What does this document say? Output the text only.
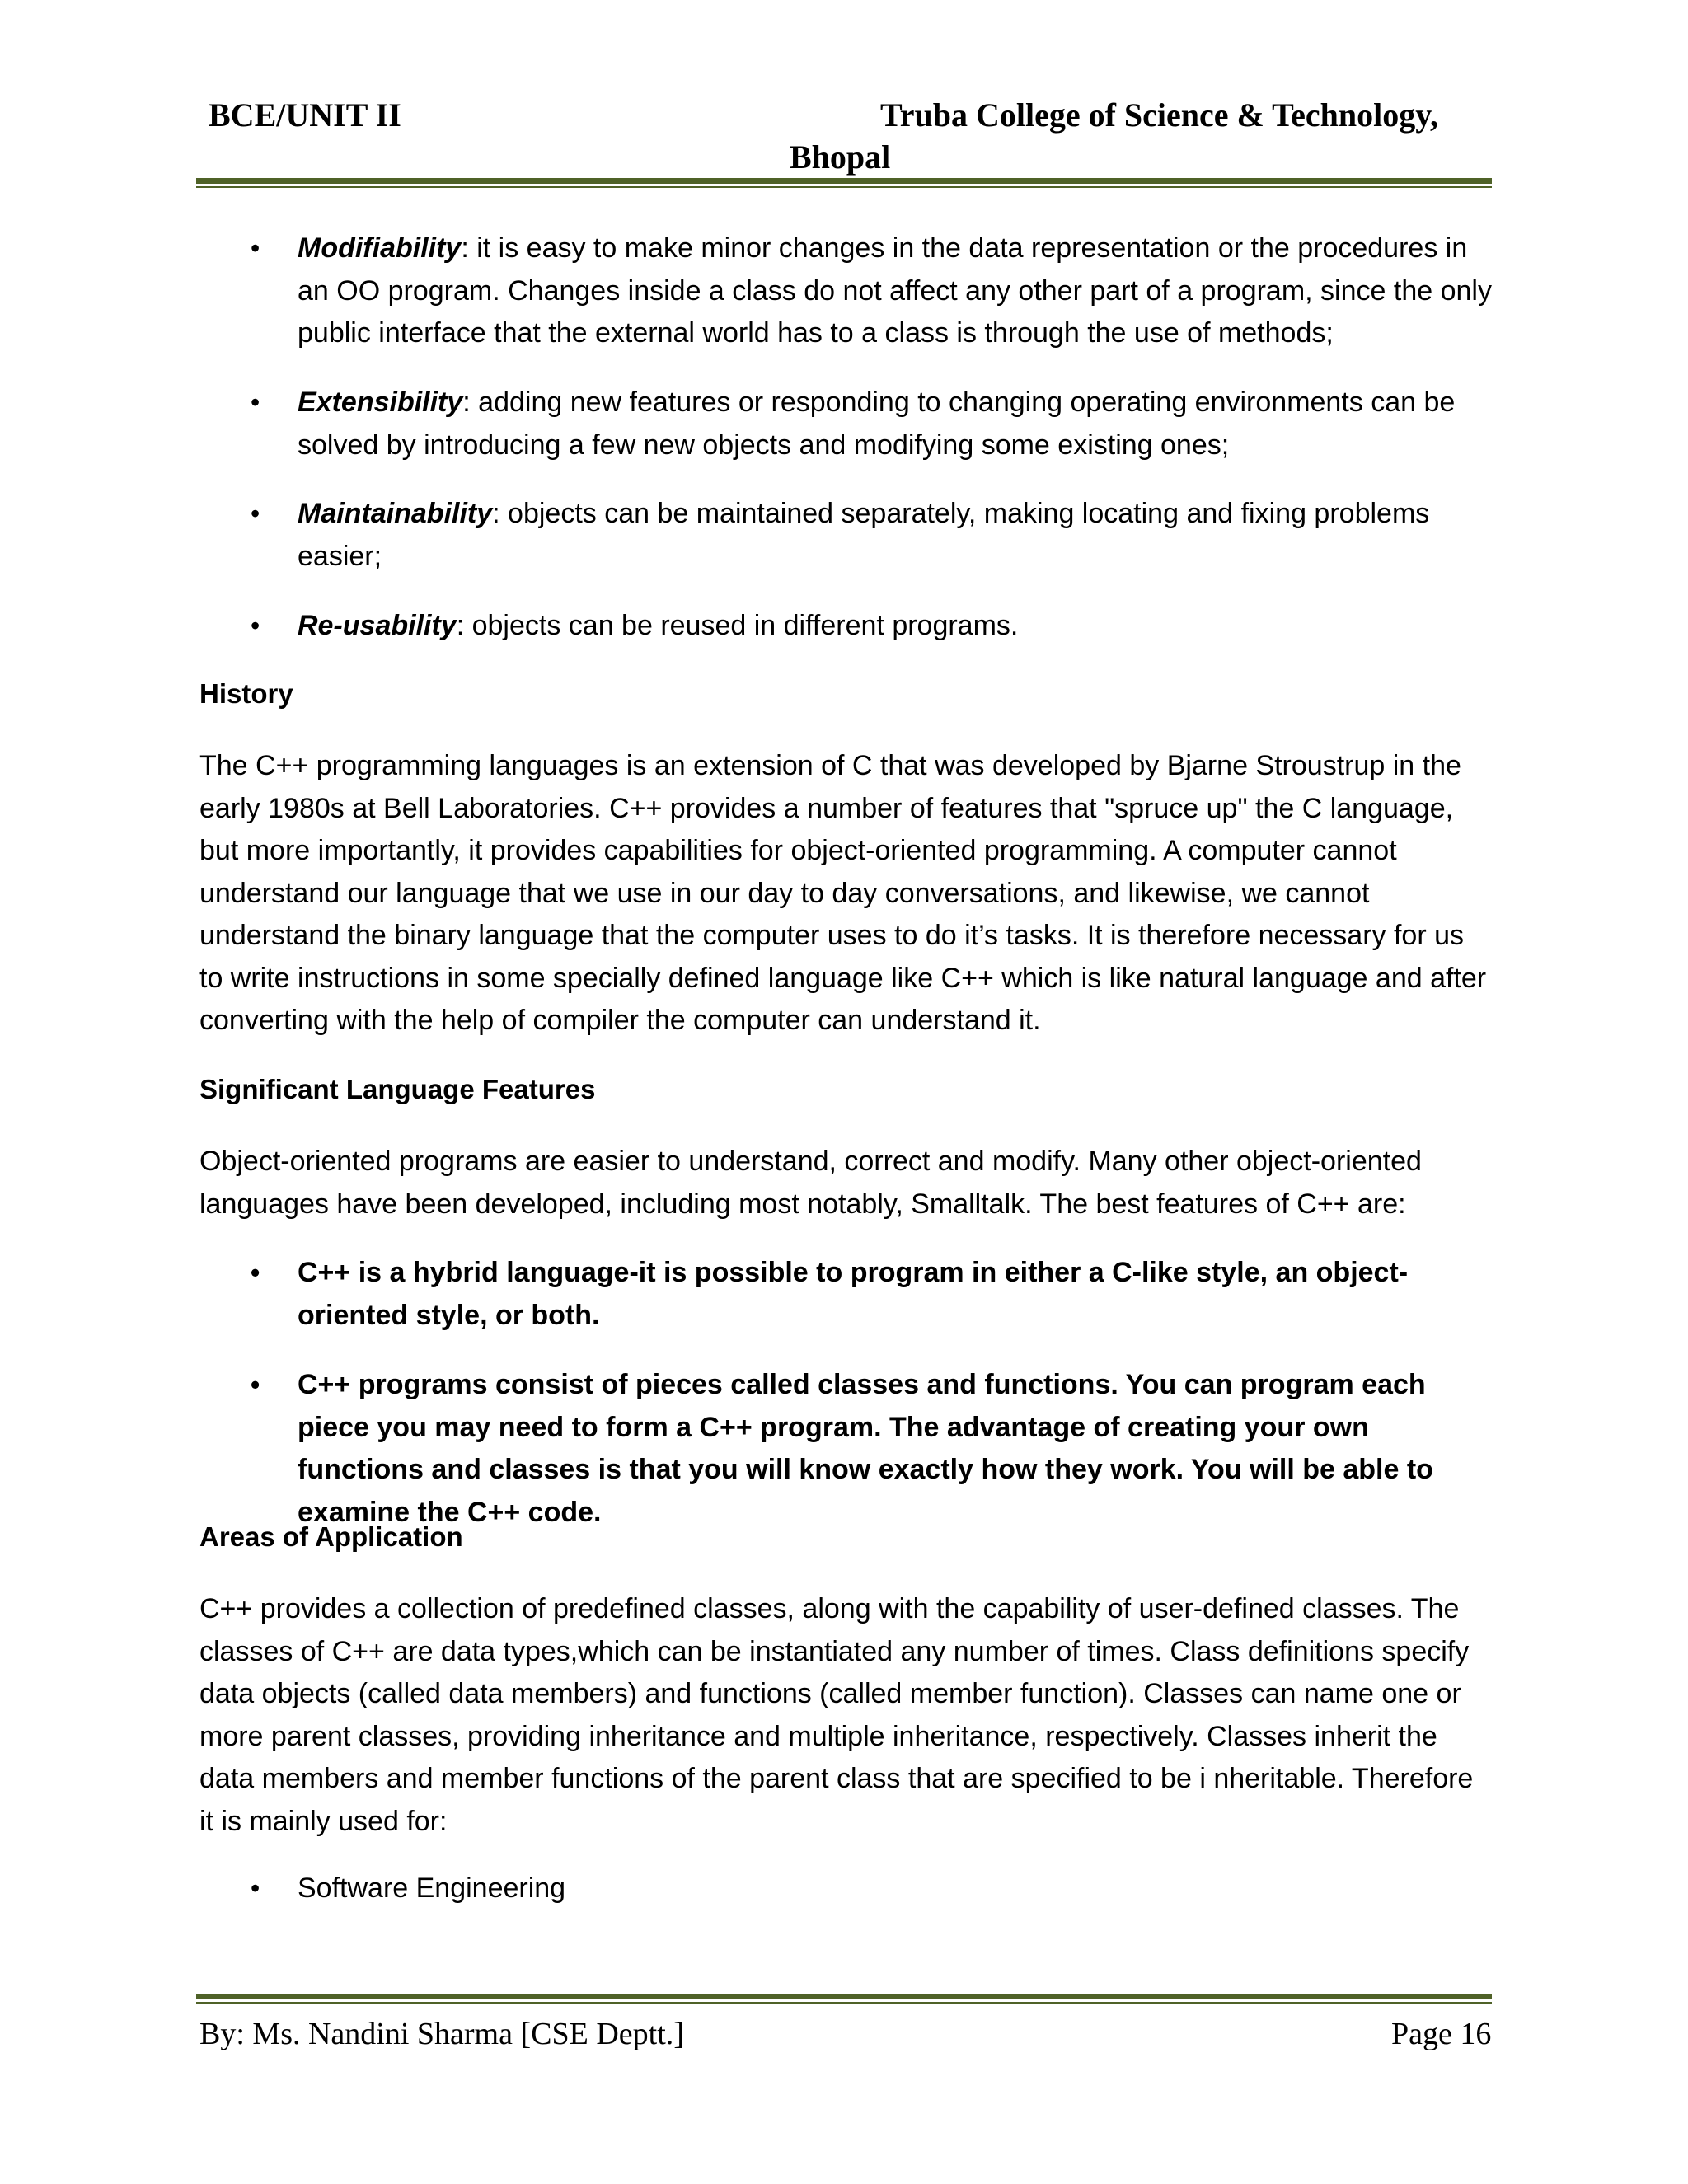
BCE/UNIT II	Truba College of Science & Technology,
Bhopal
• Modifiability: it is easy to make minor changes in the data representation or the procedures in an OO program. Changes inside a class do not affect any other part of a program, since the only public interface that the external world has to a class is through the use of methods;
• Extensibility: adding new features or responding to changing operating environments can be solved by introducing a few new objects and modifying some existing ones;
• Maintainability: objects can be maintained separately, making locating and fixing problems easier;
• Re-usability: objects can be reused in different programs.
History
The C++ programming languages is an extension of C that was developed by Bjarne Stroustrup in the early 1980s at Bell Laboratories. C++ provides a number of features that "spruce up" the C language, but more importantly, it provides capabilities for object-oriented programming. A computer cannot understand our language that we use in our day to day conversations, and likewise, we cannot understand the binary language that the computer uses to do it’s tasks. It is therefore necessary for us to write instructions in some specially defined language like C++ which is like natural language and after converting with the help of compiler the computer can understand it.
Significant Language Features
Object-oriented programs are easier to understand, correct and modify. Many other object-oriented languages have been developed, including most notably, Smalltalk. The best features of C++ are:
• C++ is a hybrid language-it is possible to program in either a C-like style, an object-oriented style, or both.
• C++ programs consist of pieces called classes and functions. You can program each piece you may need to form a C++ program. The advantage of creating your own functions and classes is that you will know exactly how they work. You will be able to examine the C++ code.
Areas of Application
C++ provides a collection of predefined classes, along with the capability of user-defined classes. The classes of C++ are data types,which can be instantiated any number of times. Class definitions specify data objects (called data members) and functions (called member function). Classes can name one or more parent classes, providing inheritance and multiple inheritance, respectively. Classes inherit the data members and member functions of the parent class that are specified to be i nheritable. Therefore it is mainly used for:
• Software Engineering
By: Ms. Nandini Sharma [CSE Deptt.]	Page 16
